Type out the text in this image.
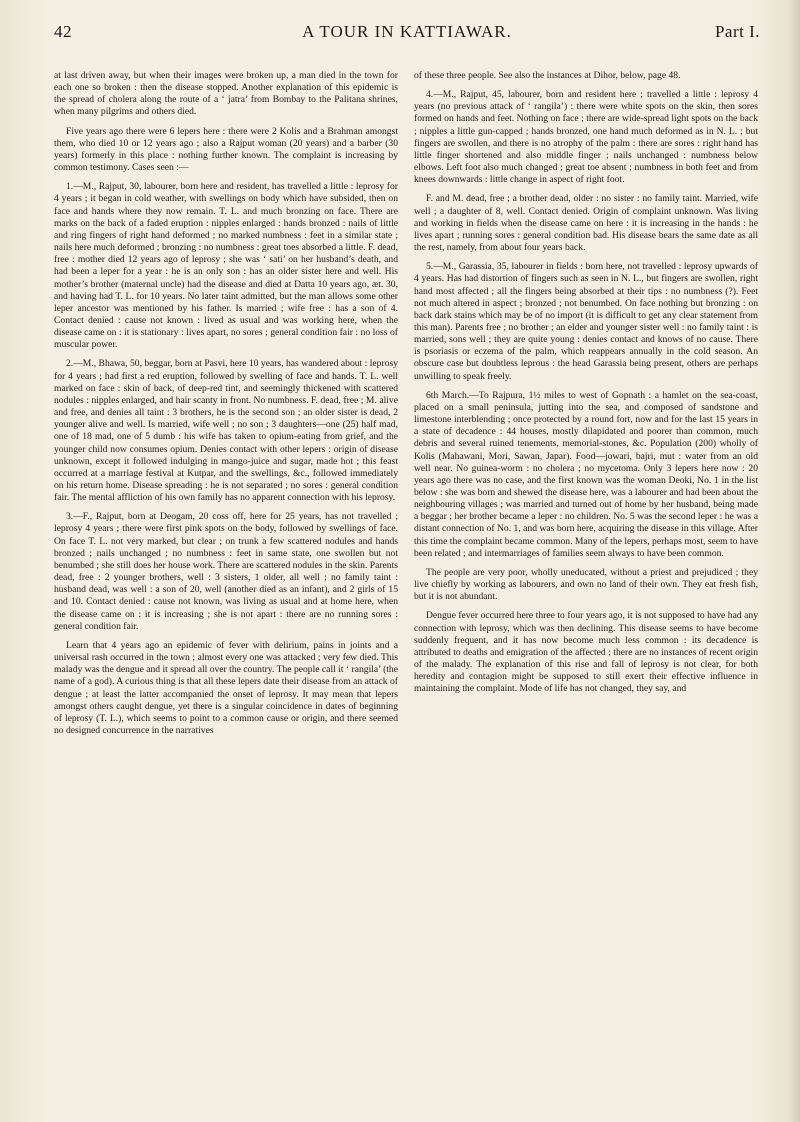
42	A TOUR IN KATTIAWAR.	Part I.

at last driven away, but when their images were broken up, a man died in the town for each one so broken : then the disease stopped. Another explanation of this epidemic is the spread of cholera along the route of a ‘ jatra’ from Bombay to the Palitana shrines, when many pilgrims and others died.

Five years ago there were 6 lepers here : there were 2 Kolis and a Brahman amongst them, who died 10 or 12 years ago ; also a Rajput woman (20 years) and a barber (30 years) formerly in this place : nothing further known. The complaint is increasing by common testimony. Cases seen :—

1.—M., Rajput, 30, labourer, born here and resident, has travelled a little : leprosy for 4 years ; it began in cold weather, with swellings on body which have subsided, then on face and hands where they now remain. T. L. and much bronzing on face. There are marks on the back of a faded eruption : nipples enlarged : hands bronzed : nails of little and ring fingers of right hand deformed ; no marked numbness : feet in a similar state ; nails here much deformed ; bronzing : no numbness : great toes absorbed a little. F. dead, free : mother died 12 years ago of leprosy ; she was ‘ sati’ on her husband’s death, and had been a leper for a year : he is an only son : has an older sister here and well. His mother’s brother (maternal uncle) had the disease and died at Datta 10 years ago, æt. 30, and having had T. L. for 10 years. No later taint admitted, but the man allows some other leper ancestor was mentioned by his father. Is married ; wife free : has a son of 4. Contact denied : cause not known : lived as usual and was working here, when the disease came on : it is stationary : lives apart, no sores ; general condition fair : no loss of muscular power.

2.—M., Bhawa, 50, beggar, born at Pasvi, here 10 years, has wandered about : leprosy for 4 years ; had first a red eruption, followed by swelling of face and hands. T. L. well marked on face : skin of back, of deep-red tint, and seemingly thickened with scattered nodules : nipples enlarged, and hair scanty in front. No numbness. F. dead, free ; M. alive and free, and denies all taint : 3 brothers, he is the second son ; an older sister is dead, 2 younger alive and well. Is married, wife well ; no son ; 3 daughters—one (25) half mad, one of 18 mad, one of 5 dumb : his wife has taken to opium-eating from grief, and the younger child now consumes opium. Denies contact with other lepers : origin of disease unknown, except it followed indulging in mango-juice and sugar, made hot ; this feast occurred at a marriage festival at Kutpar, and the swellings, &c., followed immediately on his return home. Disease spreading : he is not separated ; no sores : general condition fair. The mental affliction of his own family has no apparent connection with his leprosy.

3.—F., Rajput, born at Deogam, 20 coss off, here for 25 years, has not travelled ; leprosy 4 years ; there were first pink spots on the body, followed by swellings of face. On face T. L. not very marked, but clear ; on trunk a few scattered nodules and hands bronzed ; nails unchanged ; no numbness : feet in same state, one swollen but not benumbed ; she still does her house work. There are scattered nodules in the skin. Parents dead, free : 2 younger brothers, well : 3 sisters, 1 older, all well ; no family taint : husband dead, was well : a son of 20, well (another died as an infant), and 2 girls of 15 and 10. Contact denied : cause not known, was living as usual and at home here, when the disease came on : it is increasing ; she is not apart : there are no running sores : general condition fair.

Learn that 4 years ago an epidemic of fever with delirium, pains in joints and a universal rash occurred in the town ; almost every one was attacked ; very few died. This malady was the dengue and it spread all over the country. The people call it ‘ rangila’ (the name of a god). A curious thing is that all these lepers date their disease from an attack of dengue ; at least the latter accompanied the onset of leprosy. It may mean that lepers amongst others caught dengue, yet there is a singular coincidence in dates of beginning of leprosy (T. L.), which seems to point to a common cause or origin, and there seemed no designed concurrence in the narratives

of these three people. See also the instances at Dihor, below, page 48.

4.—M., Rajput, 45, labourer, born and resident here ; travelled a little : leprosy 4 years (no previous attack of ‘ rangila’) : there were white spots on the skin, then sores formed on hands and feet. Nothing on face ; there are wide-spread light spots on the back ; nipples a little gun-capped ; hands bronzed, one hand much deformed as in N. L. ; but fingers are swollen, and there is no atrophy of the palm : there are sores : right hand has little finger shortened and also middle finger ; nails unchanged : numbness below elbows. Left foot also much changed ; great toe absent ; numbness in both feet and from knees downwards : little change in aspect of right foot.

F. and M. dead, free ; a brother dead, older : no sister : no family taint. Married, wife well ; a daughter of 8, well. Contact denied. Origin of complaint unknown. Was living and working in fields when the disease came on here : it is increasing in the hands : he lives apart ; running sores : general condition bad. His disease bears the same date as all the rest, namely, from about four years back.

5.—M., Garassia, 35, labourer in fields : born here, not travelled : leprosy upwards of 4 years. Has had distortion of fingers such as seen in N. L., but fingers are swollen, right hand most affected ; all the fingers being absorbed at their tips : no numbness (?). Feet not much altered in aspect ; bronzed ; not benumbed. On face nothing but bronzing : on back dark stains which may be of no import (it is difficult to get any clear statement from this man). Parents free ; no brother ; an elder and younger sister well : no family taint : is married, sons well ; they are quite young : denies contact and knows of no cause. There is psoriasis or eczema of the palm, which reappears annually in the cold season. An obscure case but doubtless leprous : the head Garassia being present, others are perhaps unwilling to speak freely.

6th March.—To Rajpura, 1½ miles to west of Gopnath : a hamlet on the sea-coast, placed on a small peninsula, jutting into the sea, and composed of sandstone and limestone interblending ; once protected by a round fort, now and for the last 15 years in a state of decadence : 44 houses, mostly dilapidated and poorer than common, much debris and several ruined tenements, memorial-stones, &c. Population (200) wholly of Kolis (Mahawani, Mori, Sawan, Japar). Food—jowari, bajri, mut : water from an old well near. No guinea-worm : no cholera ; no mycetoma. Only 3 lepers here now : 20 years ago there was no case, and the first known was the woman Deoki, No. 1 in the list below : she was born and shewed the disease here, was a labourer and had been about the neighbouring villages ; was married and turned out of home by her husband, being made a beggar ; her brother became a leper : no children. No. 5 was the second leper : he was a distant connection of No. 1, and was born here, acquiring the disease in this village. After this time the complaint became common. Many of the lepers, perhaps most, seem to have been related ; and intermarriages of families seem always to have been common.

The people are very poor, wholly uneducated, without a priest and prejudiced ; they live chiefly by working as labourers, and own no land of their own. They eat fresh fish, but it is not abundant.

Dengue fever occurred here three to four years ago, it is not supposed to have had any connection with leprosy, which was then declining. This disease seems to have become suddenly frequent, and it has now become much less common : its decadence is attributed to deaths and emigration of the affected ; there are no instances of recent origin of the malady. The explanation of this rise and fall of leprosy is not clear, for both heredity and contagion might be supposed to still exert their effective influence in maintaining the complaint. Mode of life has not changed, they say, and
